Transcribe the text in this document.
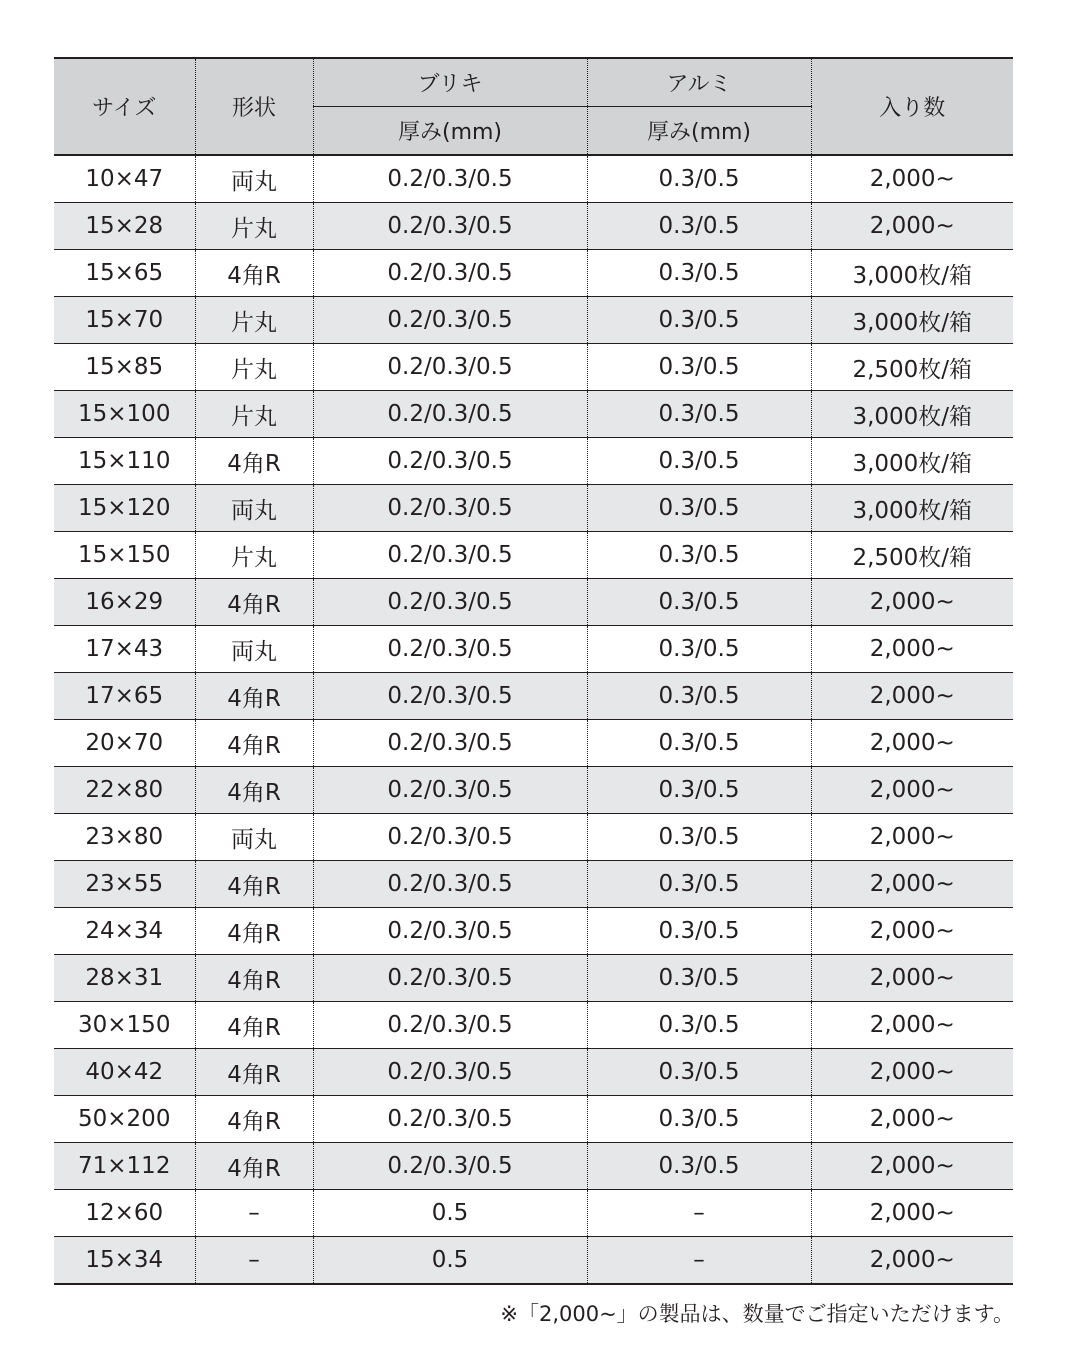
サイズ	形状	ブリキ	アルミ	入り数
		厚み(mm)	厚み(mm)	
10×47	両丸	0.2/0.3/0.5	0.3/0.5	2,000~
15×28	片丸	0.2/0.3/0.5	0.3/0.5	2,000~
15×65	4角R	0.2/0.3/0.5	0.3/0.5	3,000枚/箱
15×70	片丸	0.2/0.3/0.5	0.3/0.5	3,000枚/箱
15×85	片丸	0.2/0.3/0.5	0.3/0.5	2,500枚/箱
15×100	片丸	0.2/0.3/0.5	0.3/0.5	3,000枚/箱
15×110	4角R	0.2/0.3/0.5	0.3/0.5	3,000枚/箱
15×120	両丸	0.2/0.3/0.5	0.3/0.5	3,000枚/箱
15×150	片丸	0.2/0.3/0.5	0.3/0.5	2,500枚/箱
16×29	4角R	0.2/0.3/0.5	0.3/0.5	2,000~
17×43	両丸	0.2/0.3/0.5	0.3/0.5	2,000~
17×65	4角R	0.2/0.3/0.5	0.3/0.5	2,000~
20×70	4角R	0.2/0.3/0.5	0.3/0.5	2,000~
22×80	4角R	0.2/0.3/0.5	0.3/0.5	2,000~
23×80	両丸	0.2/0.3/0.5	0.3/0.5	2,000~
23×55	4角R	0.2/0.3/0.5	0.3/0.5	2,000~
24×34	4角R	0.2/0.3/0.5	0.3/0.5	2,000~
28×31	4角R	0.2/0.3/0.5	0.3/0.5	2,000~
30×150	4角R	0.2/0.3/0.5	0.3/0.5	2,000~
40×42	4角R	0.2/0.3/0.5	0.3/0.5	2,000~
50×200	4角R	0.2/0.3/0.5	0.3/0.5	2,000~
71×112	4角R	0.2/0.3/0.5	0.3/0.5	2,000~
12×60	–	0.5	–	2,000~
15×34	–	0.5	–	2,000~
※「2,000~」の製品は、数量でご指定いただけます。
